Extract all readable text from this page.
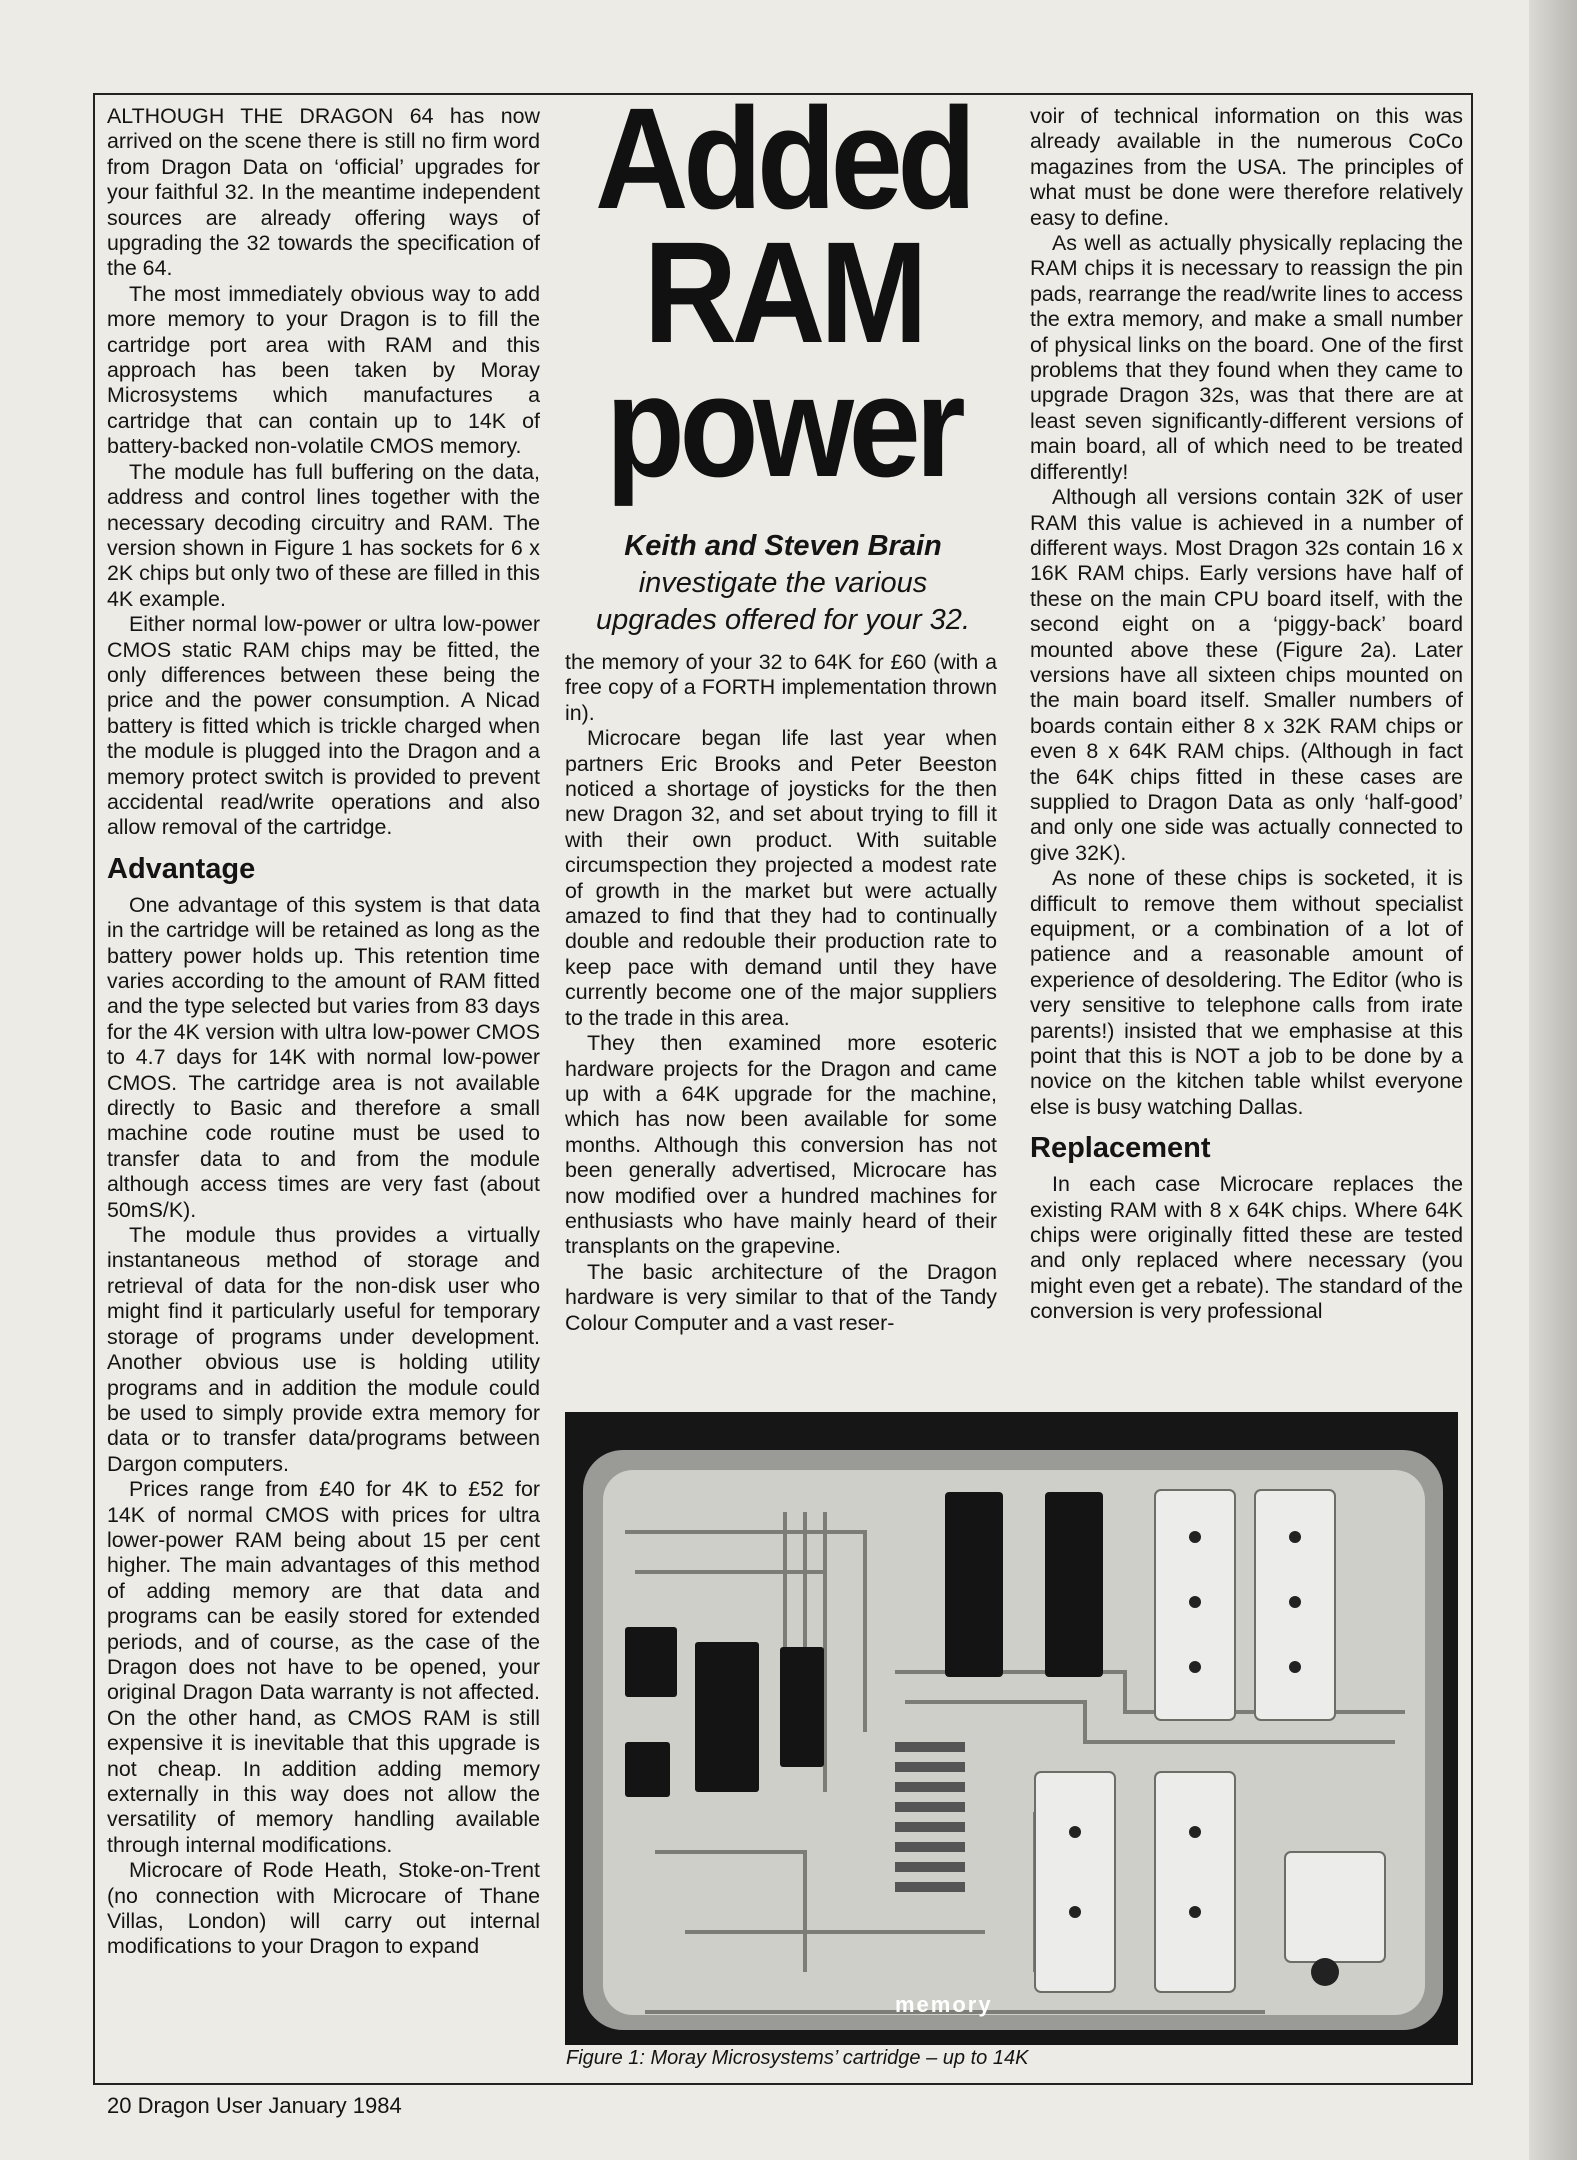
ALTHOUGH THE DRAGON 64 has now arrived on the scene there is still no firm word from Dragon Data on ‘official’ upgrades for your faithful 32. In the meantime independent sources are already offering ways of upgrading the 32 towards the specification of the 64.

The most immediately obvious way to add more memory to your Dragon is to fill the cartridge port area with RAM and this approach has been taken by Moray Microsystems which manufactures a cartridge that can contain up to 14K of battery-backed non-volatile CMOS memory.

The module has full buffering on the data, address and control lines together with the necessary decoding circuitry and RAM. The version shown in Figure 1 has sockets for 6 x 2K chips but only two of these are filled in this 4K example.

Either normal low-power or ultra low-power CMOS static RAM chips may be fitted, the only differences between these being the price and the power consumption. A Nicad battery is fitted which is trickle charged when the module is plugged into the Dragon and a memory protect switch is provided to prevent accidental read/write operations and also allow removal of the cartridge.

Advantage

One advantage of this system is that data in the cartridge will be retained as long as the battery power holds up. This retention time varies according to the amount of RAM fitted and the type selected but varies from 83 days for the 4K version with ultra low-power CMOS to 4.7 days for 14K with normal low-power CMOS. The cartridge area is not available directly to Basic and therefore a small machine code routine must be used to transfer data to and from the module although access times are very fast (about 50mS/K).

The module thus provides a virtually instantaneous method of storage and retrieval of data for the non-disk user who might find it particularly useful for temporary storage of programs under development. Another obvious use is holding utility programs and in addition the module could be used to simply provide extra memory for data or to transfer data/programs between Dargon computers.

Prices range from £40 for 4K to £52 for 14K of normal CMOS with prices for ultra lower-power RAM being about 15 per cent higher. The main advantages of this method of adding memory are that data and programs can be easily stored for extended periods, and of course, as the case of the Dragon does not have to be opened, your original Dragon Data warranty is not affected. On the other hand, as CMOS RAM is still expensive it is inevitable that this upgrade is not cheap. In addition adding memory externally in this way does not allow the versatility of memory handling available through internal modifications.

Microcare of Rode Heath, Stoke-on-Trent (no connection with Microcare of Thane Villas, London) will carry out internal modifications to your Dragon to expand

Added
RAM
power
Keith and Steven Brain
investigate the various
upgrades offered for your 32.

the memory of your 32 to 64K for £60 (with a free copy of a FORTH implementation thrown in).

Microcare began life last year when partners Eric Brooks and Peter Beeston noticed a shortage of joysticks for the then new Dragon 32, and set about trying to fill it with their own product. With suitable circumspection they projected a modest rate of growth in the market but were actually amazed to find that they had to continually double and redouble their production rate to keep pace with demand until they have currently become one of the major suppliers to the trade in this area.

They then examined more esoteric hardware projects for the Dragon and came up with a 64K upgrade for the machine, which has now been available for some months. Although this conversion has not been generally advertised, Microcare has now modified over a hundred machines for enthusiasts who have mainly heard of their transplants on the grapevine.

The basic architecture of the Dragon hardware is very similar to that of the Tandy Colour Computer and a vast reser-

voir of technical information on this was already available in the numerous CoCo magazines from the USA. The principles of what must be done were therefore relatively easy to define.

As well as actually physically replacing the RAM chips it is necessary to reassign the pin pads, rearrange the read/write lines to access the extra memory, and make a small number of physical links on the board. One of the first problems that they found when they came to upgrade Dragon 32s, was that there are at least seven significantly-different versions of main board, all of which need to be treated differently!

Although all versions contain 32K of user RAM this value is achieved in a number of different ways. Most Dragon 32s contain 16 x 16K RAM chips. Early versions have half of these on the main CPU board itself, with the second eight on a ‘piggy-back’ board mounted above these (Figure 2a). Later versions have all sixteen chips mounted on the main board itself. Smaller numbers of boards contain either 8 x 32K RAM chips or even 8 x 64K RAM chips. (Although in fact the 64K chips fitted in these cases are supplied to Dragon Data as only ‘half-good’ and only one side was actually connected to give 32K).

As none of these chips is socketed, it is difficult to remove them without specialist equipment, or a combination of a lot of patience and a reasonable amount of experience of desoldering. The Editor (who is very sensitive to telephone calls from irate parents!) insisted that we emphasise at this point that this is NOT a job to be done by a novice on the kitchen table whilst everyone else is busy watching Dallas.

Replacement

In each case Microcare replaces the existing RAM with 8 x 64K chips. Where 64K chips were originally fitted these are tested and only replaced where necessary (you might even get a rebate). The standard of the conversion is very professional

memory
Figure 1: Moray Microsystems’ cartridge – up to 14K
20 Dragon User January 1984
